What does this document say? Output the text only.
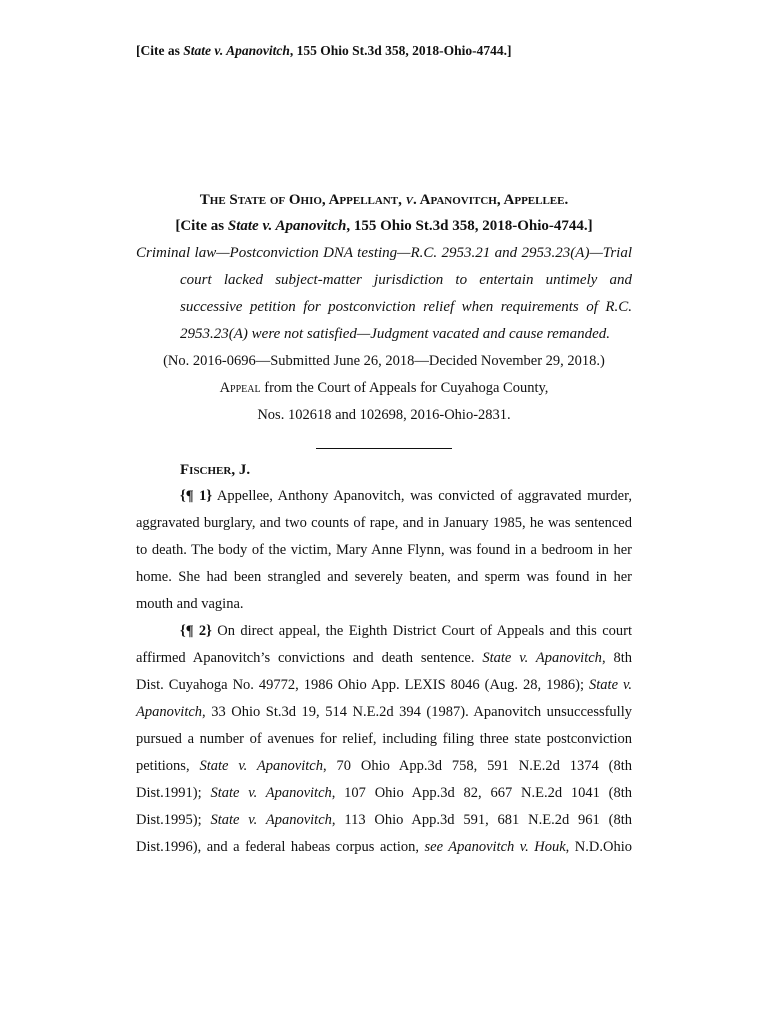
[Cite as State v. Apanovitch, 155 Ohio St.3d 358, 2018-Ohio-4744.]
The State of Ohio, Appellant, v. Apanovitch, Appellee.
[Cite as State v. Apanovitch, 155 Ohio St.3d 358, 2018-Ohio-4744.]
Criminal law—Postconviction DNA testing—R.C. 2953.21 and 2953.23(A)—Trial
court lacked subject-matter jurisdiction to entertain untimely and
successive petition for postconviction relief when requirements of R.C.
2953.23(A) were not satisfied—Judgment vacated and cause remanded.
(No. 2016-0696—Submitted June 26, 2018—Decided November 29, 2018.)
Appeal from the Court of Appeals for Cuyahoga County,
Nos. 102618 and 102698, 2016-Ohio-2831.
Fischer, J.
{¶ 1} Appellee, Anthony Apanovitch, was convicted of aggravated murder,
aggravated burglary, and two counts of rape, and in January 1985, he was sentenced
to death. The body of the victim, Mary Anne Flynn, was found in a bedroom in her
home. She had been strangled and severely beaten, and sperm was found in her
mouth and vagina.
{¶ 2} On direct appeal, the Eighth District Court of Appeals and this court
affirmed Apanovitch’s convictions and death sentence. State v. Apanovitch, 8th
Dist. Cuyahoga No. 49772, 1986 Ohio App. LEXIS 8046 (Aug. 28, 1986); State v.
Apanovitch, 33 Ohio St.3d 19, 514 N.E.2d 394 (1987). Apanovitch unsuccessfully
pursued a number of avenues for relief, including filing three state postconviction
petitions, State v. Apanovitch, 70 Ohio App.3d 758, 591 N.E.2d 1374 (8th
Dist.1991); State v. Apanovitch, 107 Ohio App.3d 82, 667 N.E.2d 1041 (8th
Dist.1995); State v. Apanovitch, 113 Ohio App.3d 591, 681 N.E.2d 961 (8th
Dist.1996), and a federal habeas corpus action, see Apanovitch v. Houk, N.D.Ohio
